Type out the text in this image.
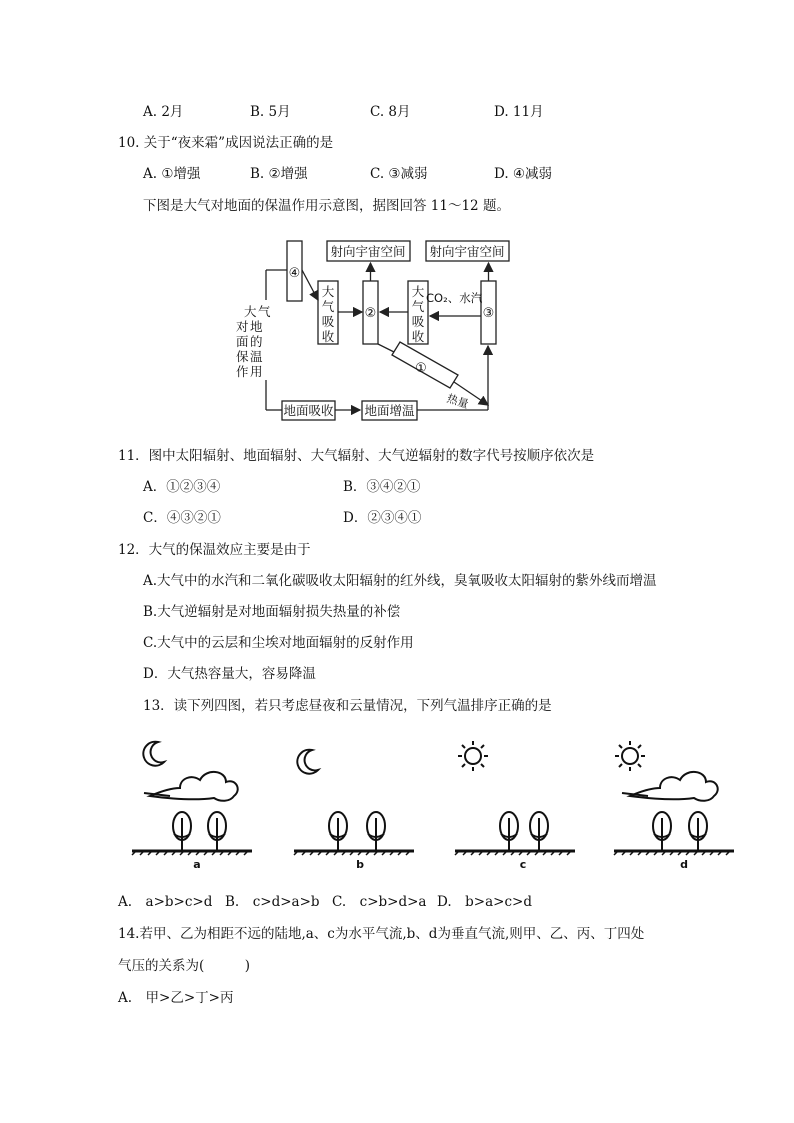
A. 2月	B. 5月	C. 8月	D. 11月
10. 关于“夜来霜”成因说法正确的是
A. ①增强	B. ②增强	C. ③减弱	D. ④减弱
下图是大气对地面的保温作用示意图，据图回答 11～12 题。
射向宇宙空间 射向宇宙空间
④
②	③
大
气
吸
收
大
气
吸
收
CO₂、水汽
①
热量
大 气
对 地
面 的
保 温
作 用
地面吸收 地面增温
11．图中太阳辐射、地面辐射、大气辐射、大气逆辐射的数字代号按顺序依次是
A．①②③④	B．③④②①
C．④③②①	D．②③④①
12．大气的保温效应主要是由于
A.大气中的水汽和二氧化碳吸收太阳辐射的红外线，臭氧吸收太阳辐射的紫外线而增温
B.大气逆辐射是对地面辐射损失热量的补偿
C.大气中的云层和尘埃对地面辐射的反射作用
D．大气热容量大，容易降温
13．读下列四图，若只考虑昼夜和云量情况，下列气温排序正确的是
a	b	c	d
A.　a>b>c>d B.　c>d>a>b C.　c>b>d>a D.　b>a>c>d
14.若甲、乙为相距不远的陆地,a、c为水平气流,b、d为垂直气流,则甲、乙、丙、丁四处
气压的关系为(　　　)
A.　甲>乙>丁>丙
